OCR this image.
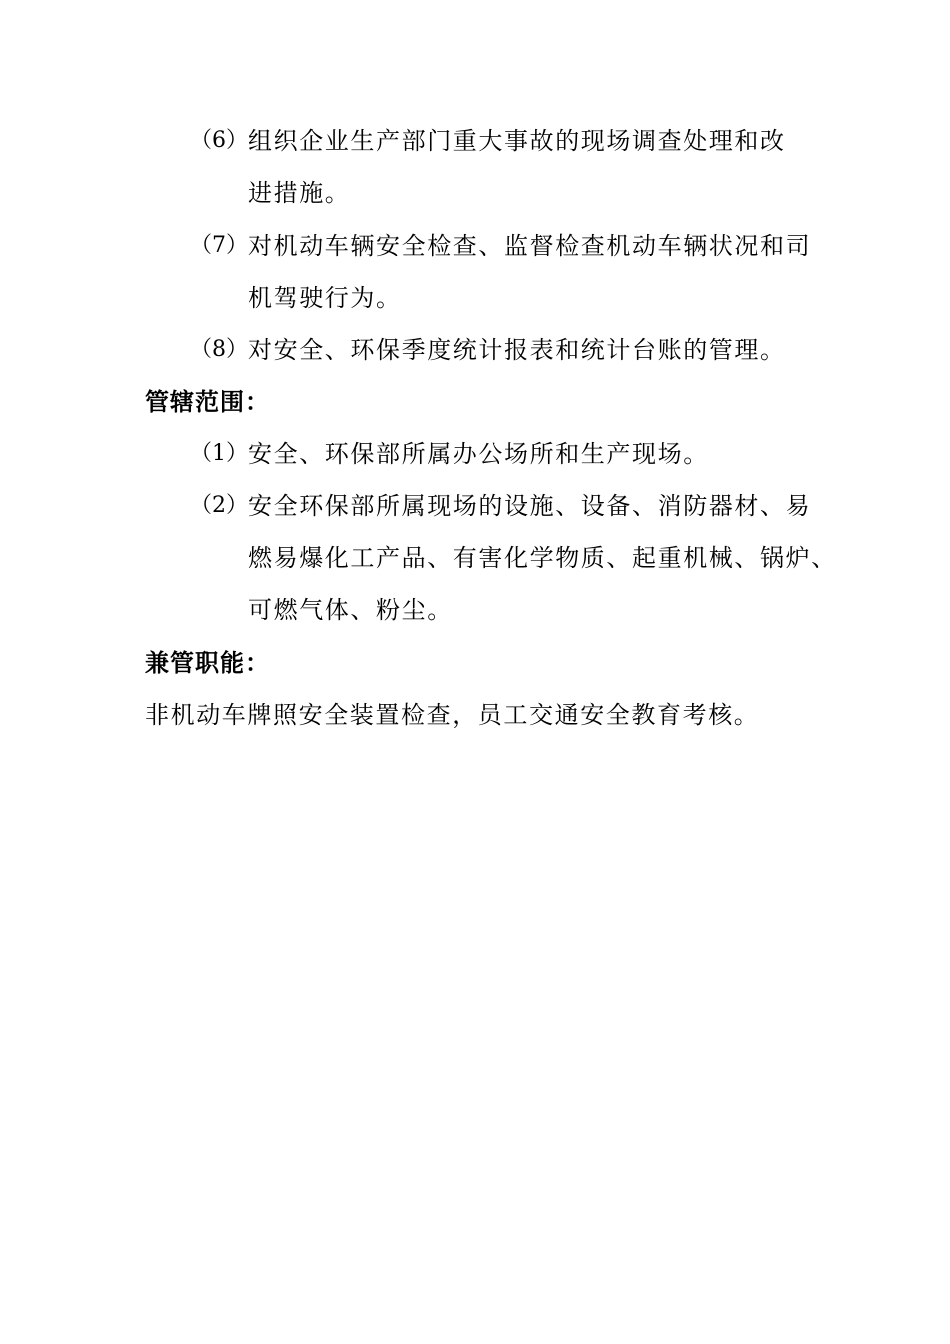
（6） 组织企业生产部门重大事故的现场调查处理和改
进措施。
（7） 对机动车辆安全检查、监督检查机动车辆状况和司
机驾驶行为。
（8） 对安全、环保季度统计报表和统计台账的管理。
管辖范围：
（1） 安全、环保部所属办公场所和生产现场。
（2） 安全环保部所属现场的设施、设备、消防器材、易
燃易爆化工产品、有害化学物质、起重机械、锅炉、
可燃气体、粉尘。
兼管职能：
非机动车牌照安全装置检查，员工交通安全教育考核。
